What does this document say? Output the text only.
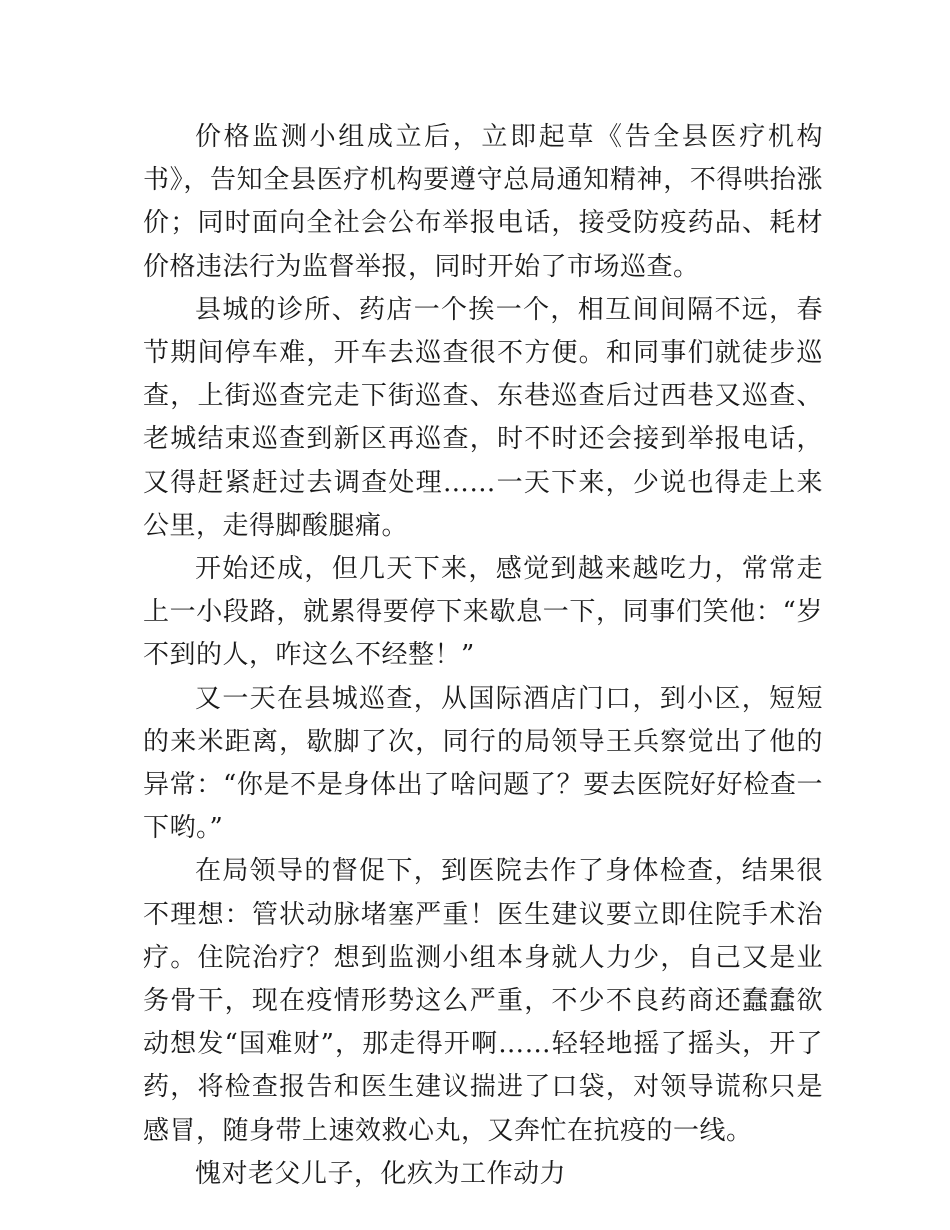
价格监测小组成立后，立即起草《告全县医疗机构书》，告知全县医疗机构要遵守总局通知精神，不得哄抬涨价；同时面向全社会公布举报电话，接受防疫药品、耗材价格违法行为监督举报，同时开始了市场巡查。

县城的诊所、药店一个挨一个，相互间间隔不远，春节期间停车难，开车去巡查很不方便。和同事们就徒步巡查，上街巡查完走下街巡查、东巷巡查后过西巷又巡查、老城结束巡查到新区再巡查，时不时还会接到举报电话，又得赶紧赶过去调查处理……一天下来，少说也得走上来公里，走得脚酸腿痛。

开始还成，但几天下来，感觉到越来越吃力，常常走上一小段路，就累得要停下来歇息一下，同事们笑他：“岁不到的人，咋这么不经整！”

又一天在县城巡查，从国际酒店门口，到小区，短短的来米距离，歇脚了次，同行的局领导王兵察觉出了他的异常：“你是不是身体出了啥问题了？要去医院好好检查一下哟。”

在局领导的督促下，到医院去作了身体检查，结果很不理想：管状动脉堵塞严重！医生建议要立即住院手术治疗。住院治疗？想到监测小组本身就人力少，自己又是业务骨干，现在疫情形势这么严重，不少不良药商还蠢蠢欲动想发“国难财”，那走得开啊……轻轻地摇了摇头，开了药，将检查报告和医生建议揣进了口袋，对领导谎称只是感冒，随身带上速效救心丸，又奔忙在抗疫的一线。

愧对老父儿子，化疚为工作动力
